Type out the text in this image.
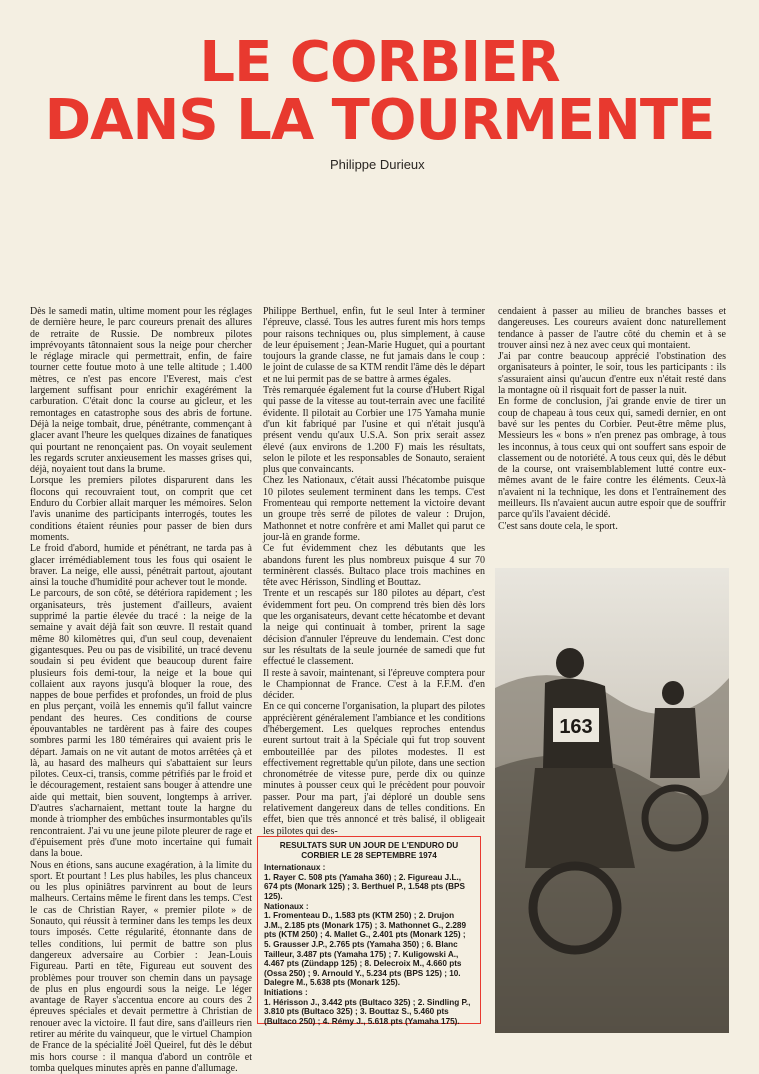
LE CORBIER
DANS LA TOURMENTE
Philippe Durieux

Dès le samedi matin, ultime moment pour les réglages de dernière heure, le parc coureurs prenait des allures de retraite de Russie. De nombreux pilotes imprévoyants tâtonnaient sous la neige pour chercher le réglage miracle qui permettrait, enfin, de faire tourner cette foutue moto à une telle altitude ; 1.400 mètres, ce n'est pas encore l'Everest, mais c'est largement suffisant pour enrichir exagérément la carburation. C'était donc la course au gicleur, et les remontages en catastrophe sous des abris de fortune. Déjà la neige tombait, drue, pénétrante, commençant à glacer avant l'heure les quelques dizaines de fanatiques qui pourtant ne renonçaient pas. On voyait seulement les regards scruter anxieusement les masses grises qui, déjà, noyaient tout dans la brume.

Lorsque les premiers pilotes disparurent dans les flocons qui recouvraient tout, on comprit que cet Enduro du Corbier allait marquer les mémoires. Selon l'avis unanime des participants interrogés, toutes les conditions étaient réunies pour passer de bien durs moments.

Le froid d'abord, humide et pénétrant, ne tarda pas à glacer irrémédiablement tous les fous qui osaient le braver. La neige, elle aussi, pénétrait partout, ajoutant ainsi la touche d'humidité pour achever tout le monde.

Le parcours, de son côté, se détériora rapidement ; les organisateurs, très justement d'ailleurs, avaient supprimé la partie élevée du tracé : la neige de la semaine y avait déjà fait son œuvre. Il restait quand même 80 kilomètres qui, d'un seul coup, devenaient gigantesques. Peu ou pas de visibilité, un tracé devenu soudain si peu évident que beaucoup durent faire plusieurs fois demi-tour, la neige et la boue qui collaient aux rayons jusqu'à bloquer la roue, des nappes de boue perfides et profondes, un froid de plus en plus perçant, voilà les ennemis qu'il fallut vaincre pendant des heures. Ces conditions de course épouvantables ne tardèrent pas à faire des coupes sombres parmi les 180 téméraires qui avaient pris le départ. Jamais on ne vit autant de motos arrêtées çà et là, au hasard des malheurs qui s'abattaient sur leurs pilotes. Ceux-ci, transis, comme pétrifiés par le froid et le découragement, restaient sans bouger à attendre une aide qui mettait, bien souvent, longtemps à arriver. D'autres s'acharnaient, mettant toute la hargne du monde à triompher des embûches insurmontables qu'ils rencontraient. J'ai vu une jeune pilote pleurer de rage et d'épuisement près d'une moto incertaine qui fumait dans la boue.

Nous en étions, sans aucune exagération, à la limite du sport. Et pourtant ! Les plus habiles, les plus chanceux ou les plus opiniâtres parvinrent au bout de leurs malheurs. Certains même le firent dans les temps. C'est le cas de Christian Rayer, « premier pilote » de Sonauto, qui réussit à terminer dans les temps les deux tours imposés. Cette régularité, étonnante dans de telles conditions, lui permit de battre son plus dangereux adversaire au Corbier : Jean-Louis Figureau. Parti en tête, Figureau eut souvent des problèmes pour trouver son chemin dans un paysage de plus en plus engourdi sous la neige. Le léger avantage de Rayer s'accentua encore au cours des 2 épreuves spéciales et devait permettre à Christian de renouer avec la victoire. Il faut dire, sans d'ailleurs rien retirer au mérite du vainqueur, que le virtuel Champion de France de la spécialité Joël Queirel, fut dès le début mis hors course : il manqua d'abord un contrôle et tomba quelques minutes après en panne d'allumage.

Philippe Berthuel, enfin, fut le seul Inter à terminer l'épreuve, classé. Tous les autres furent mis hors temps pour raisons techniques ou, plus simplement, à cause de leur épuisement ; Jean-Marie Huguet, qui a pourtant toujours la grande classe, ne fut jamais dans le coup : le joint de culasse de sa KTM rendit l'âme dès le départ et ne lui permit pas de se battre à armes égales.

Très remarquée également fut la course d'Hubert Rigal qui passe de la vitesse au tout-terrain avec une facilité évidente. Il pilotait au Corbier une 175 Yamaha munie d'un kit fabriqué par l'usine et qui n'était jusqu'à présent vendu qu'aux U.S.A. Son prix serait assez élevé (aux environs de 1.200 F) mais les résultats, selon le pilote et les responsables de Sonauto, seraient plus que convaincants.

Chez les Nationaux, c'était aussi l'hécatombe puisque 10 pilotes seulement terminent dans les temps. C'est Fromenteau qui remporte nettement la victoire devant un groupe très serré de pilotes de valeur : Drujon, Mathonnet et notre confrère et ami Mallet qui parut ce jour-là en grande forme.

Ce fut évidemment chez les débutants que les abandons furent les plus nombreux puisque 4 sur 70 terminèrent classés. Bultaco place trois machines en tête avec Hérisson, Sindling et Bouttaz.

Trente et un rescapés sur 180 pilotes au départ, c'est évidemment fort peu. On comprend très bien dès lors que les organisateurs, devant cette hécatombe et devant la neige qui continuait à tomber, prirent la sage décision d'annuler l'épreuve du lendemain. C'est donc sur les résultats de la seule journée de samedi que fut effectué le classement.

Il reste à savoir, maintenant, si l'épreuve comptera pour le Championnat de France. C'est à la F.F.M. d'en décider.

En ce qui concerne l'organisation, la plupart des pilotes apprécièrent généralement l'ambiance et les conditions d'hébergement. Les quelques reproches entendus eurent surtout trait à la Spéciale qui fut trop souvent embouteillée par des pilotes modestes. Il est effectivement regrettable qu'un pilote, dans une section chronométrée de vitesse pure, perde dix ou quinze minutes à pousser ceux qui le précèdent pour pouvoir passer. Pour ma part, j'ai déploré un double sens relativement dangereux dans de telles conditions. En effet, bien que très annoncé et très balisé, il obligeait les pilotes qui des-

cendaient à passer au milieu de branches basses et dangereuses. Les coureurs avaient donc naturellement tendance à passer de l'autre côté du chemin et à se trouver ainsi nez à nez avec ceux qui montaient.

J'ai par contre beaucoup apprécié l'obstination des organisateurs à pointer, le soir, tous les participants : ils s'assuraient ainsi qu'aucun d'entre eux n'était resté dans la montagne où il risquait fort de passer la nuit.

En forme de conclusion, j'ai grande envie de tirer un coup de chapeau à tous ceux qui, samedi dernier, en ont bavé sur les pentes du Corbier. Peut-être même plus, Messieurs les « bons » n'en prenez pas ombrage, à tous les inconnus, à tous ceux qui ont souffert sans espoir de classement ou de notoriété. A tous ceux qui, dès le début de la course, ont vraisemblablement lutté contre eux-mêmes avant de le faire contre les éléments. Ceux-là n'avaient ni la technique, les dons et l'entraînement des meilleurs. Ils n'avaient aucun autre espoir que de souffrir parce qu'ils l'avaient décidé.

C'est sans doute cela, le sport.

163
RESULTATS SUR UN JOUR DE L'ENDURO DU CORBIER LE 28 SEPTEMBRE 1974

Internationaux :

1. Rayer C. 508 pts (Yamaha 360) ; 2. Figureau J.L., 674 pts (Monark 125) ; 3. Berthuel P., 1.548 pts (BPS 125).

Nationaux :

1. Fromenteau D., 1.583 pts (KTM 250) ; 2. Drujon J.M., 2.185 pts (Monark 175) ; 3. Mathonnet G., 2.289 pts (KTM 250) ; 4. Mallet G., 2.401 pts (Monark 125) ; 5. Grausser J.P., 2.765 pts (Yamaha 350) ; 6. Blanc Tailleur, 3.487 pts (Yamaha 175) ; 7. Kuligowski A., 4.467 pts (Zündapp 125) ; 8. Delecroix M., 4.660 pts (Ossa 250) ; 9. Arnould Y., 5.234 pts (BPS 125) ; 10. Dalegre M., 5.638 pts (Monark 125).

Initiations :

1. Hérisson J., 3.442 pts (Bultaco 325) ; 2. Sindling P., 3.810 pts (Bultaco 325) ; 3. Bouttaz S., 5.460 pts (Bultaco 250) ; 4. Rémy J., 5.618 pts (Yamaha 175).
